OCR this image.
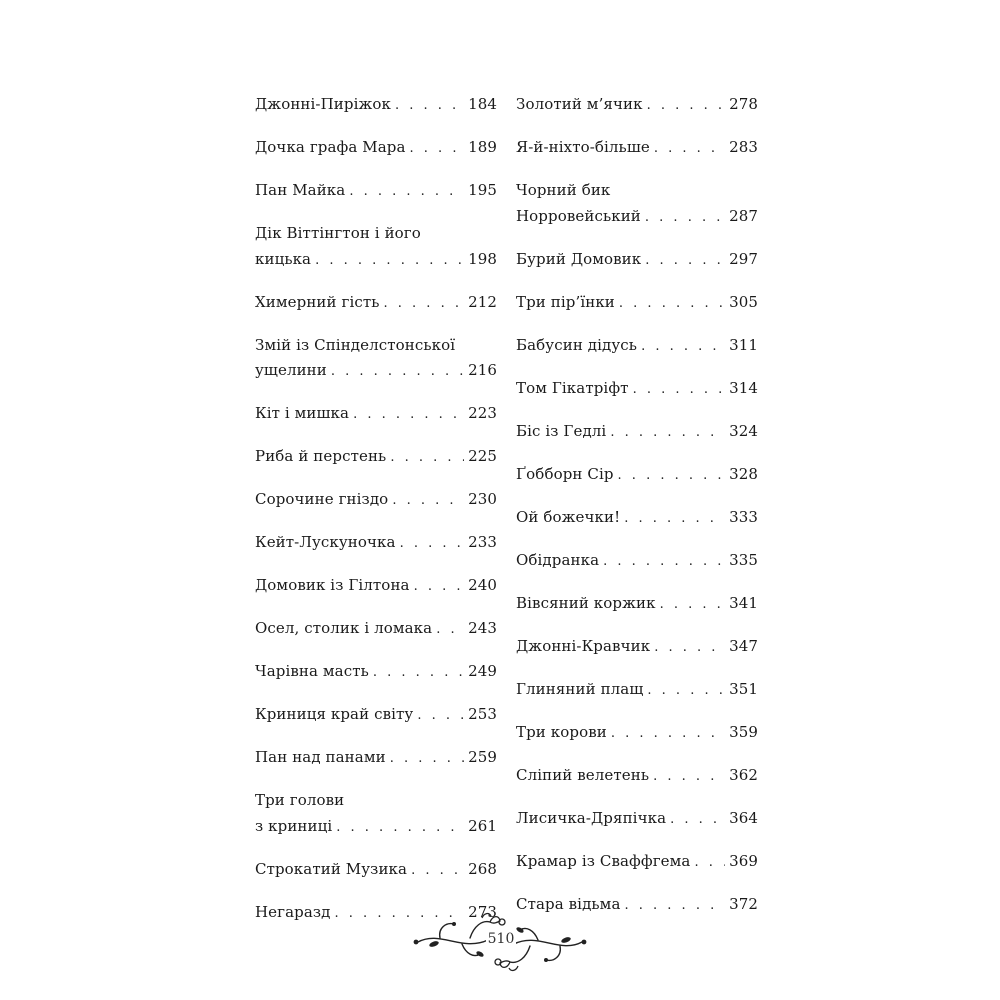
Джонні-Пиріжок . . .	184
Дочка графа Мара . . .	189
Пан Майка . . .	195
Дік Віттінгтон і його
кицька . . .	198
Химерний гість . . .	212
Змій із Спінделстонської
ущелини . . .	216
Кіт і мишка . . .	223
Риба й перстень . . .	225
Сорочине гніздо . . .	230
Кейт-Лускуночка . . .	233
Домовик із Гілтона . . .	240
Осел, столик і ломака . . . 243
Чарівна масть . . .	249
Криниця край світу . . .	253
Пан над панами . . .	259
Три голови
з криниці . . .	261
Строкатий Музика . . .	268
Негаразд . . .	273
Золотий м’ячик . . .	278
Я-й-ніхто-більше . . .	283
Чорний бик
Норровейський . . .	287
Бурий Домовик . . .	297
Три пір’їнки . . .	305
Бабусин дідусь . . .	311
Том Гікатріфт . . .	314
Біс із Гедлі . . .	324
Ґобборн Сір . . .	328
Ой божечки! . . .	333
Обідранка . . .	335
Вівсяний коржик . . .	341
Джонні-Кравчик . . .	347
Глиняний плащ . . .	351
Три корови . . .	359
Сліпий велетень . . .	362
Лисичка-Дряпічка . . .	364
Крамар із Сваффгема . . .	369
Стара відьма . . .	372
510
